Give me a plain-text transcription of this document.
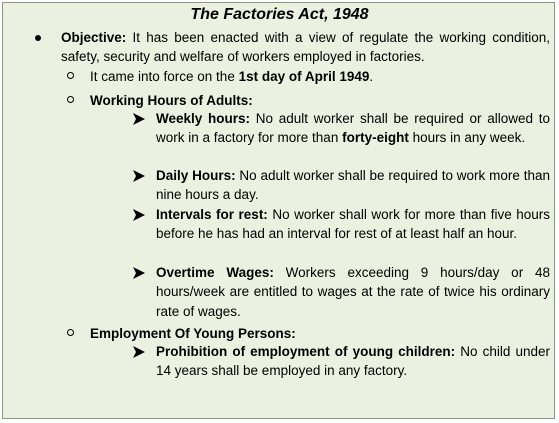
The Factories Act, 1948
Objective: It has been enacted with a view of regulate the working condition, safety, security and welfare of workers employed in factories.
It came into force on the 1st day of April 1949.
Working Hours of Adults:
Weekly hours: No adult worker shall be required or allowed to work in a factory for more than forty-eight hours in any week.
Daily Hours: No adult worker shall be required to work more than nine hours a day.
Intervals for rest: No worker shall work for more than five hours before he has had an interval for rest of at least half an hour.
Overtime Wages: Workers exceeding 9 hours/day or 48 hours/week are entitled to wages at the rate of twice his ordinary rate of wages.
Employment Of Young Persons:
Prohibition of employment of young children: No child under 14 years shall be employed in any factory.
